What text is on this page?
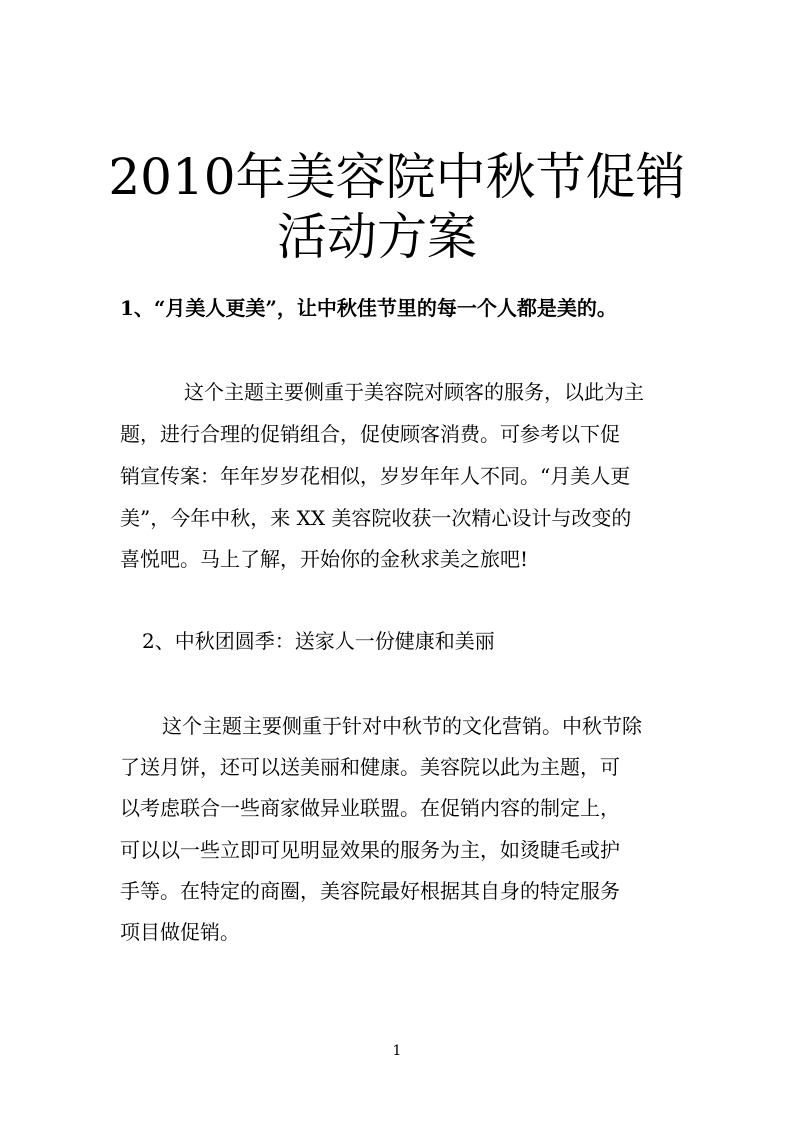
2010年美容院中秋节促销
活动方案

1、“月美人更美”，让中秋佳节里的每一个人都是美的。

这个主题主要侧重于美容院对顾客的服务，以此为主

题，进行合理的促销组合，促使顾客消费。可参考以下促

销宣传案：年年岁岁花相似，岁岁年年人不同。“月美人更

美”，今年中秋，来 XX 美容院收获一次精心设计与改变的

喜悦吧。马上了解，开始你的金秋求美之旅吧!

2、中秋团圆季：送家人一份健康和美丽

这个主题主要侧重于针对中秋节的文化营销。中秋节除

了送月饼，还可以送美丽和健康。美容院以此为主题，可

以考虑联合一些商家做异业联盟。在促销内容的制定上，

可以以一些立即可见明显效果的服务为主，如烫睫毛或护

手等。在特定的商圈，美容院最好根据其自身的特定服务

项目做促销。

1
